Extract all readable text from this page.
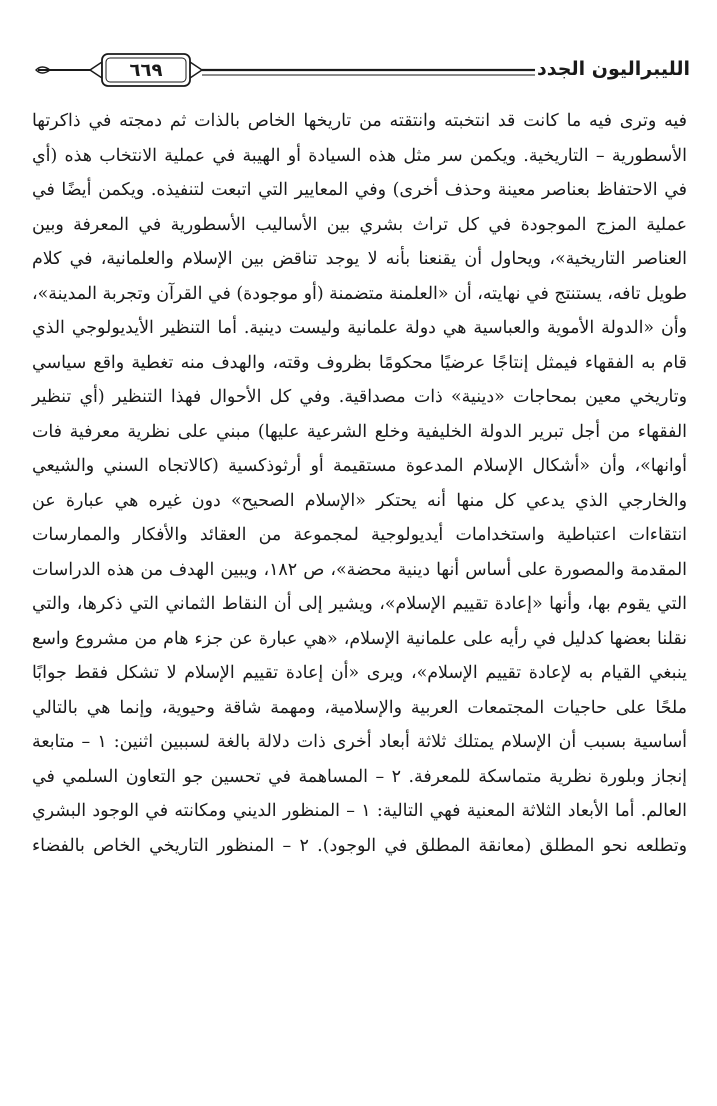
الليبراليون الجدد
٦٦٩

فيه وترى فيه ما كانت قد انتخبته وانتقته من تاريخها الخاص بالذات ثم دمجته في ذاكرتها الأسطورية – التاريخية. ويكمن سر مثل هذه السيادة أو الهيبة في عملية الانتخاب هذه (أي في الاحتفاظ بعناصر معينة وحذف أخرى) وفي المعايير التي اتبعت لتنفيذه. ويكمن أيضًا في عملية المزج الموجودة في كل تراث بشري بين الأساليب الأسطورية في المعرفة وبين العناصر التاريخية»، ويحاول أن يقنعنا بأنه لا يوجد تناقض بين الإسلام والعلمانية، في كلام طويل تافه، يستنتج في نهايته، أن «العلمنة متضمنة (أو موجودة) في القرآن وتجربة المدينة»، وأن «الدولة الأموية والعباسية هي دولة علمانية وليست دينية. أما التنظير الأيديولوجي الذي قام به الفقهاء فيمثل إنتاجًا عرضيًا محكومًا بظروف وقته، والهدف منه تغطية واقع سياسي وتاريخي معين بمحاجات «دينية» ذات مصداقية. وفي كل الأحوال فهذا التنظير (أي تنظير الفقهاء من أجل تبرير الدولة الخليفية وخلع الشرعية عليها) مبني على نظرية معرفية فات أوانها»، وأن «أشكال الإسلام المدعوة مستقيمة أو أرثوذكسية (كالاتجاه السني والشيعي والخارجي الذي يدعي كل منها أنه يحتكر «الإسلام الصحيح» دون غيره هي عبارة عن انتقاءات اعتباطية واستخدامات أيديولوجية لمجموعة من العقائد والأفكار والممارسات المقدمة والمصورة على أساس أنها دينية محضة»، ص ١٨٢، ويبين الهدف من هذه الدراسات التي يقوم بها، وأنها «إعادة تقييم الإسلام»، ويشير إلى أن النقاط الثماني التي ذكرها، والتي نقلنا بعضها كدليل في رأيه على علمانية الإسلام، «هي عبارة عن جزء هام من مشروع واسع ينبغي القيام به لإعادة تقييم الإسلام»، ويرى «أن إعادة تقييم الإسلام لا تشكل فقط جوابًا ملحًا على حاجيات المجتمعات العربية والإسلامية، ومهمة شاقة وحيوية، وإنما هي بالتالي أساسية بسبب أن الإسلام يمتلك ثلاثة أبعاد أخرى ذات دلالة بالغة لسببين اثنين: ١ – متابعة إنجاز وبلورة نظرية متماسكة للمعرفة. ٢ – المساهمة في تحسين جو التعاون السلمي في العالم. أما الأبعاد الثلاثة المعنية فهي التالية: ١ – المنظور الديني ومكانته في الوجود البشري وتطلعه نحو المطلق (معانقة المطلق في الوجود). ٢ – المنظور التاريخي الخاص بالفضاء
